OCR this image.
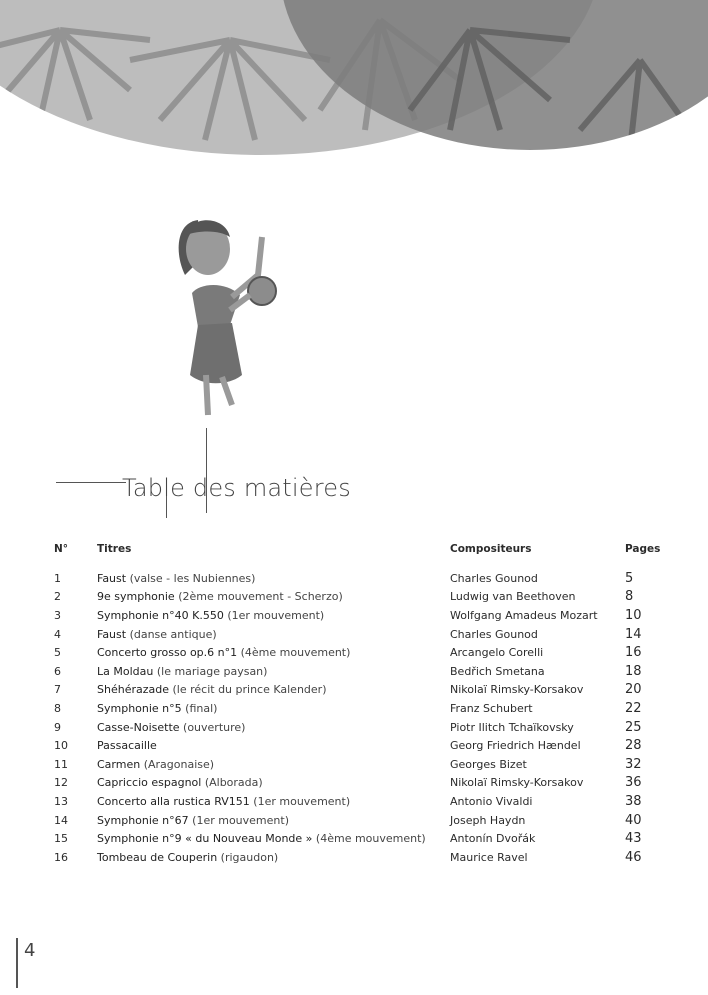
Table des matières
N°	Titres	Compositeurs	Pages
1	Faust (valse - les Nubiennes)	Charles Gounod	5
2	9e symphonie (2ème mouvement - Scherzo)	Ludwig van Beethoven	8
3	Symphonie n°40 K.550 (1er mouvement)	Wolfgang Amadeus Mozart	10
4	Faust (danse antique)	Charles Gounod	14
5	Concerto grosso op.6 n°1 (4ème mouvement)	Arcangelo Corelli	16
6	La Moldau (le mariage paysan)	Bedřich Smetana	18
7	Shéhérazade (le récit du prince Kalender)	Nikolaï Rimsky-Korsakov	20
8	Symphonie n°5 (final)	Franz Schubert	22
9	Casse-Noisette (ouverture)	Piotr Ilitch Tchaïkovsky	25
10	Passacaille	Georg Friedrich Hændel	28
11	Carmen (Aragonaise)	Georges Bizet	32
12	Capriccio espagnol (Alborada)	Nikolaï Rimsky-Korsakov	36
13	Concerto alla rustica RV151 (1er mouvement)	Antonio Vivaldi	38
14	Symphonie n°67 (1er mouvement)	Joseph Haydn	40
15	Symphonie n°9 « du Nouveau Monde » (4ème mouvement)	Antonín Dvořák	43
16	Tombeau de Couperin (rigaudon)	Maurice Ravel	46
4
